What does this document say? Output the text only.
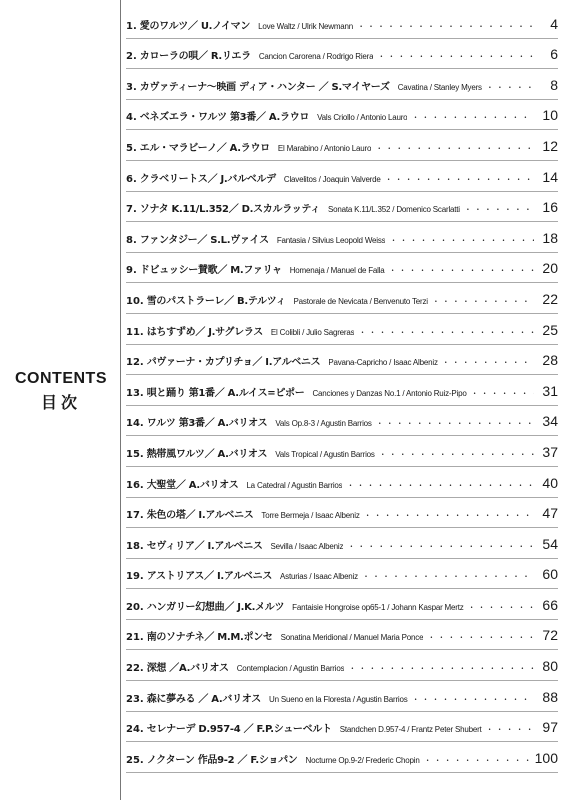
CONTENTS
目次
1. 愛のワルツ／ U.ノイマン Love Waltz / Ulrik Newmann ・・・・・・・・・・・・・・・・・・・・・・・・・・・・・・・・・・・・・・	4
2. カローラの唄／ R.リエラ Cancion Carorena / Rodrigo Riera ・・・・・・・・・・・・・・・・・・・・・・・・・・・・・・・・・・・・・・	6
3. カヴァティーナ～映画 ディア・ハンター ／ S.マイヤーズ Cavatina / Stanley Myers ・・・・・・・・・・・・・・・・・・・・・・・・・・・・・・・・・・・・・・	8
4. ベネズエラ・ワルツ 第3番／ A.ラウロ Vals Criollo / Antonio Lauro ・・・・・・・・・・・・・・・・・・・・・・・・・・・・・・・・・・・・・・	10
5. エル・マラビーノ／ A.ラウロ El Marabino / Antonio Lauro ・・・・・・・・・・・・・・・・・・・・・・・・・・・・・・・・・・・・・・	12
6. クラベリートス／ J.バルベルデ Clavelitos / Joaquin Valverde ・・・・・・・・・・・・・・・・・・・・・・・・・・・・・・・・・・・・・・	14
7. ソナタ K.11/L.352／ D.スカルラッティ Sonata K.11/L.352 / Domenico Scarlatti ・・・・・・・・・・・・・・・・・・・・・・・・・・・・・・・・・・・・・・	16
8. ファンタジー／ S.L.ヴァイス Fantasia / Silvius Leopold Weiss ・・・・・・・・・・・・・・・・・・・・・・・・・・・・・・・・・・・・・・	18
9. ドビュッシー賛歌／ M.ファリャ Homenaja / Manuel de Falla ・・・・・・・・・・・・・・・・・・・・・・・・・・・・・・・・・・・・・・	20
10. 雪のパストラーレ／ B.テルツィ Pastorale de Nevicata / Benvenuto Terzi ・・・・・・・・・・・・・・・・・・・・・・・・・・・・・・・・・・・・・・	22
11. はちすずめ／ J.サグレラス El Colibli / Julio Sagreras ・・・・・・・・・・・・・・・・・・・・・・・・・・・・・・・・・・・・・・	25
12. パヴァーナ・カプリチョ／ I.アルベニス Pavana-Capricho / Isaac Albeniz ・・・・・・・・・・・・・・・・・・・・・・・・・・・・・・・・・・・・・・	28
13. 唄と踊り 第1番／ A.ルイス=ピポー Canciones y Danzas No.1 / Antonio Ruiz-Pipo ・・・・・・・・・・・・・・・・・・・・・・・・・・・・・・・・・・・・・・	31
14. ワルツ 第3番／ A.バリオス Vals Op.8-3 / Agustin Barrios ・・・・・・・・・・・・・・・・・・・・・・・・・・・・・・・・・・・・・・	34
15. 熱帯風ワルツ／ A.バリオス Vals Tropical / Agustin Barrios ・・・・・・・・・・・・・・・・・・・・・・・・・・・・・・・・・・・・・・	37
16. 大聖堂／ A.バリオス La Catedral / Agustin Barrios ・・・・・・・・・・・・・・・・・・・・・・・・・・・・・・・・・・・・・・	40
17. 朱色の塔／ I.アルベニス Torre Bermeja / Isaac Albeniz ・・・・・・・・・・・・・・・・・・・・・・・・・・・・・・・・・・・・・・	47
18. セヴィリア／ I.アルベニス Sevilla / Isaac Albeniz ・・・・・・・・・・・・・・・・・・・・・・・・・・・・・・・・・・・・・・	54
19. アストリアス／ I.アルベニス Asturias / Isaac Albeniz ・・・・・・・・・・・・・・・・・・・・・・・・・・・・・・・・・・・・・・	60
20. ハンガリー幻想曲／ J.K.メルツ Fantaisie Hongroise op65-1 / Johann Kaspar Mertz ・・・・・・・・・・・・・・・・・・・・・・・・・・・・・・・・・・・・・・	66
21. 南のソナチネ／ M.M.ポンセ Sonatina Meridional / Manuel Maria Ponce ・・・・・・・・・・・・・・・・・・・・・・・・・・・・・・・・・・・・・・	72
22. 深想 ／A.バリオス Contemplacion / Agustin Barrios ・・・・・・・・・・・・・・・・・・・・・・・・・・・・・・・・・・・・・・	80
23. 森に夢みる ／ A.バリオス Un Sueno en la Floresta / Agustin Barrios ・・・・・・・・・・・・・・・・・・・・・・・・・・・・・・・・・・・・・・	88
24. セレナーデ D.957-4 ／ F.P.シューベルト Standchen D.957-4 / Frantz Peter Shubert ・・・・・・・・・・・・・・・・・・・・・・・・・・・・・・・・・・・・・・	97
25. ノクターン 作品9-2 ／ F.ショパン Nocturne Op.9-2/ Frederic Chopin ・・・・・・・・・・・・・・・・・・・・・・・・・・・・・・・・・・・・・・	100
